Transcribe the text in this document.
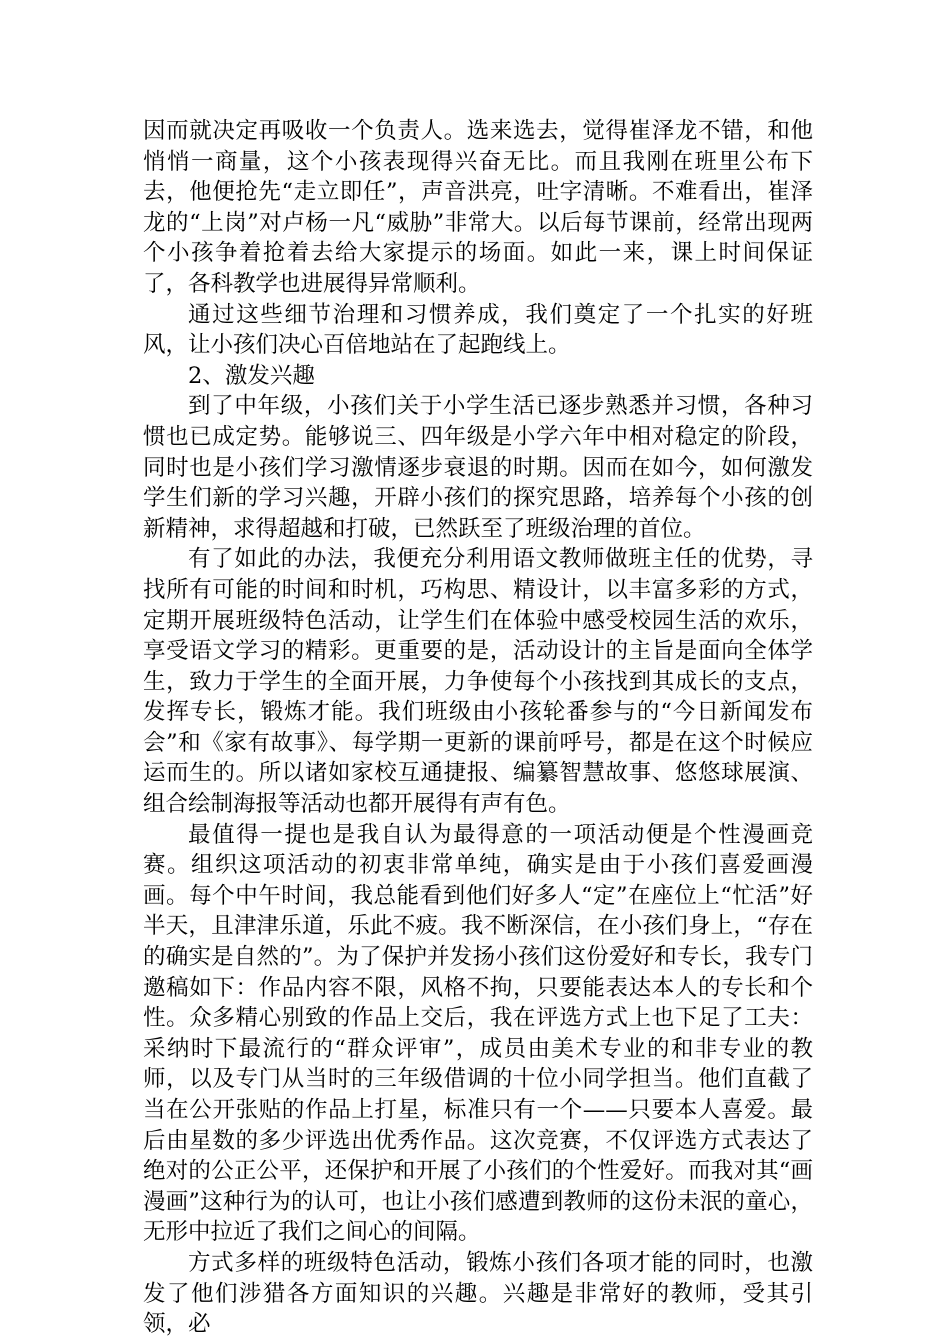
因而就决定再吸收一个负责人。选来选去，觉得崔泽龙不错，和他悄悄一商量，这个小孩表现得兴奋无比。而且我刚在班里公布下去，他便抢先“走立即任”，声音洪亮，吐字清晰。不难看出，崔泽龙的“上岗”对卢杨一凡“威胁”非常大。以后每节课前，经常出现两个小孩争着抢着去给大家提示的场面。如此一来，课上时间保证了，各科教学也进展得异常顺利。

通过这些细节治理和习惯养成，我们奠定了一个扎实的好班风，让小孩们决心百倍地站在了起跑线上。

2、激发兴趣

到了中年级，小孩们关于小学生活已逐步熟悉并习惯，各种习惯也已成定势。能够说三、四年级是小学六年中相对稳定的阶段，同时也是小孩们学习激情逐步衰退的时期。因而在如今，如何激发学生们新的学习兴趣，开辟小孩们的探究思路，培养每个小孩的创新精神，求得超越和打破，已然跃至了班级治理的首位。

有了如此的办法，我便充分利用语文教师做班主任的优势，寻找所有可能的时间和时机，巧构思、精设计，以丰富多彩的方式，定期开展班级特色活动，让学生们在体验中感受校园生活的欢乐，享受语文学习的精彩。更重要的是，活动设计的主旨是面向全体学生，致力于学生的全面开展，力争使每个小孩找到其成长的支点，发挥专长，锻炼才能。我们班级由小孩轮番参与的“今日新闻发布会”和《家有故事》、每学期一更新的课前呼号，都是在这个时候应运而生的。所以诸如家校互通捷报、编纂智慧故事、悠悠球展演、组合绘制海报等活动也都开展得有声有色。

最值得一提也是我自认为最得意的一项活动便是个性漫画竞赛。组织这项活动的初衷非常单纯，确实是由于小孩们喜爱画漫画。每个中午时间，我总能看到他们好多人“定”在座位上“忙活”好半天，且津津乐道，乐此不疲。我不断深信，在小孩们身上，“存在的确实是自然的”。为了保护并发扬小孩们这份爱好和专长，我专门邀稿如下：作品内容不限，风格不拘，只要能表达本人的专长和个性。众多精心别致的作品上交后，我在评选方式上也下足了工夫：采纳时下最流行的“群众评审”，成员由美术专业的和非专业的教师，以及专门从当时的三年级借调的十位小同学担当。他们直截了当在公开张贴的作品上打星，标准只有一个——只要本人喜爱。最后由星数的多少评选出优秀作品。这次竞赛，不仅评选方式表达了绝对的公正公平，还保护和开展了小孩们的个性爱好。而我对其“画漫画”这种行为的认可，也让小孩们感遭到教师的这份未泯的童心，无形中拉近了我们之间心的间隔。

方式多样的班级特色活动，锻炼小孩们各项才能的同时，也激发了他们涉猎各方面知识的兴趣。兴趣是非常好的教师，受其引领，必
